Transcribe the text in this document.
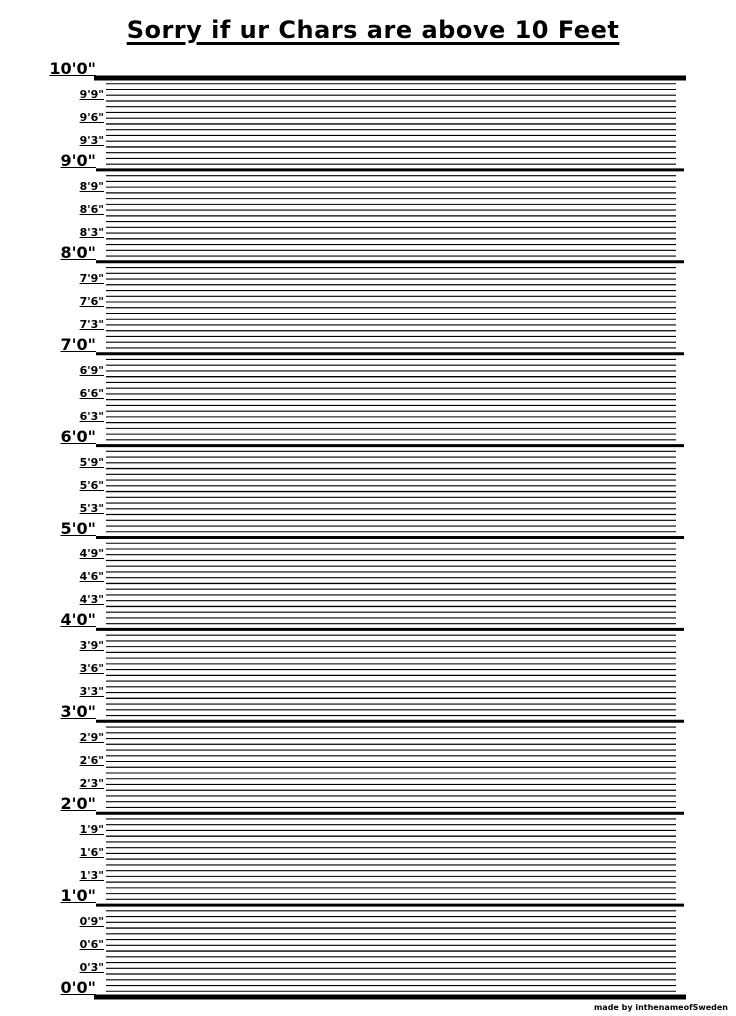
Sorry if ur Chars are above 10 Feet
10'0"
9'9"
9'6"
9'3"
9'0"
8'9"
8'6"
8'3"
8'0"
7'9"
7'6"
7'3"
7'0"
6'9"
6'6"
6'3"
6'0"
5'9"
5'6"
5'3"
5'0"
4'9"
4'6"
4'3"
4'0"
3'9"
3'6"
3'3"
3'0"
2'9"
2'6"
2'3"
2'0"
1'9"
1'6"
1'3"
1'0"
0'9"
0'6"
0'3"
0'0"
made by inthenameofSweden
